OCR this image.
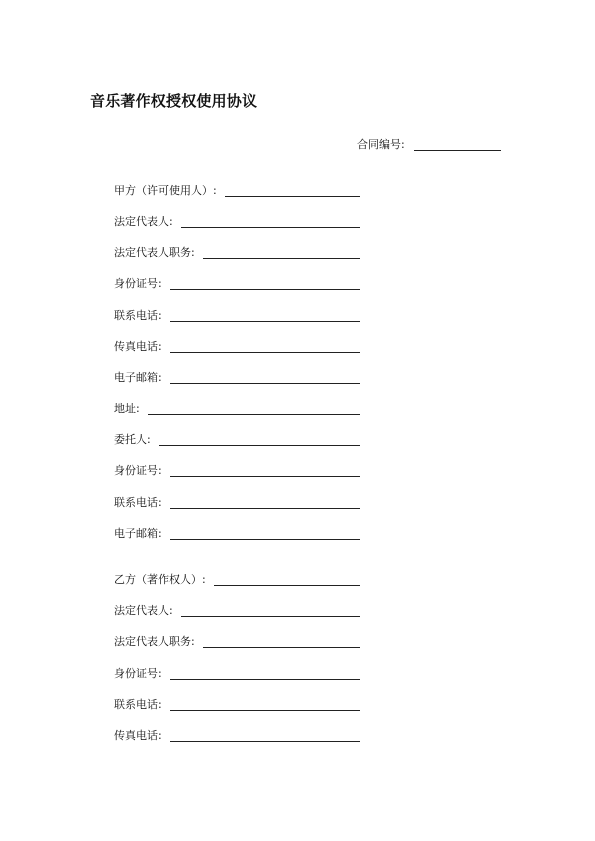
音乐著作权授权使用协议
合同编号:
甲方（许可使用人）:
法定代表人:
法定代表人职务:
身份证号:
联系电话:
传真电话:
电子邮箱:
地址:
委托人:
身份证号:
联系电话:
电子邮箱:
乙方（著作权人）:
法定代表人:
法定代表人职务:
身份证号:
联系电话:
传真电话:
